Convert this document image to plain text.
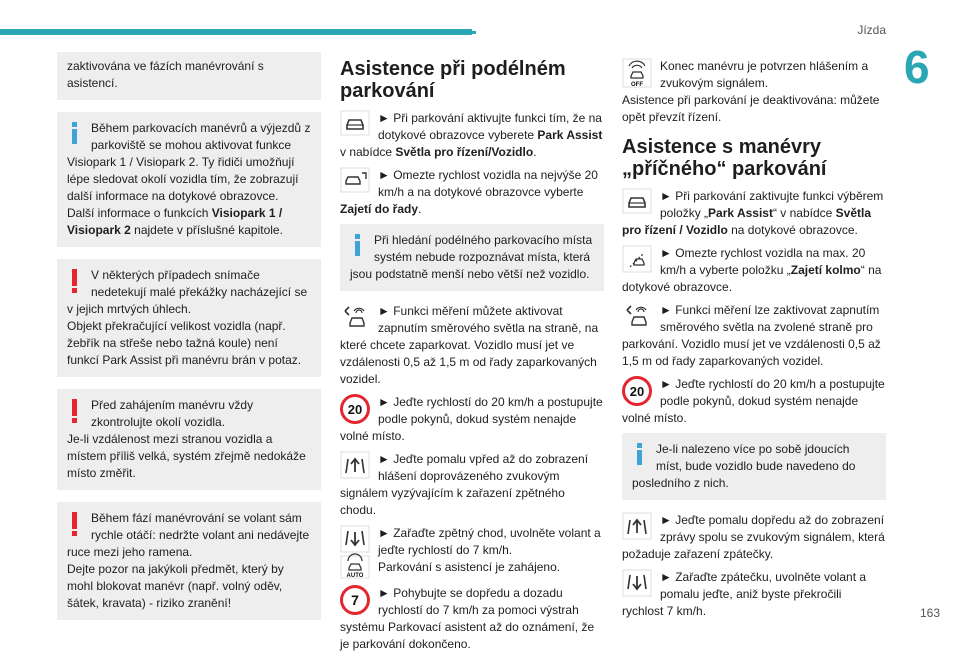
Jízda
6

zaktivována ve fázích manévrování s asistencí.

Během parkovacích manévrů a výjezdů z parkoviště se mohou aktivovat funkce Visiopark 1 / Visiopark 2. Ty řidiči umožňují lépe sledovat okolí vozidla tím, že zobrazují další informace na dotykové obrazovce.

Další informace o funkcích Visiopark 1 / Visiopark 2 najdete v příslušné kapitole.

V některých případech snímače nedetekují malé překážky nacházející se v jejich mrtvých úhlech.

Objekt překračující velikost vozidla (např. žebřík na střeše nebo tažná koule) není funkcí Park Assist při manévru brán v potaz.

Před zahájením manévru vždy zkontrolujte okolí vozidla.

Je-li vzdálenost mezi stranou vozidla a místem příliš velká, systém zřejmě nedokáže místo změřit.

Během fází manévrování se volant sám rychle otáčí: nedržte volant ani nedávejte ruce mezi jeho ramena.

Dejte pozor na jakýkoli předmět, který by mohl blokovat manévr (např. volný oděv, šátek, kravata) - riziko zranění!

Asistence při podélném parkování
► Při parkování aktivujte funkci tím, že na dotykové obrazovce vyberete Park Assist v nabídce Světla pro řízení/Vozidlo.
► Omezte rychlost vozidla na nejvýše 20 km/h a na dotykové obrazovce vyberte Zajetí do řady.

Při hledání podélného parkovacího místa systém nebude rozpoznávat místa, která jsou podstatně menší nebo větší než vozidlo.

► Funkci měření můžete aktivovat zapnutím směrového světla na straně, na které chcete zaparkovat. Vozidlo musí jet ve vzdálenosti 0,5 až 1,5 m od řady zaparkovaných vozidel.
20 ► Jeďte rychlostí do 20 km/h a postupujte podle pokynů, dokud systém nenajde volné místo.
► Jeďte pomalu vpřed až do zobrazení hlášení doprovázeného zvukovým signálem vyzývajícím k zařazení zpětného chodu.
AUTO
► Zařaďte zpětný chod, uvolněte volant a jeďte rychlostí do 7 km/h.
Parkování s asistencí je zahájeno.
7 ► Pohybujte se dopředu a dozadu rychlostí do 7 km/h za pomoci výstrah systému Parkovací asistent až do oznámení, že je parkování dokončeno.
OFF
Konec manévru je potvrzen hlášením a zvukovým signálem.
Asistence při parkování je deaktivována: můžete opět převzít řízení.
Asistence s manévry „příčného“ parkování
► Při parkování zaktivujte funkci výběrem položky „Park Assist“ v nabídce Světla pro řízení / Vozidlo na dotykové obrazovce.
► Omezte rychlost vozidla na max. 20 km/h a vyberte položku „Zajetí kolmo“ na dotykové obrazovce.
► Funkci měření lze zaktivovat zapnutím směrového světla na zvolené straně pro parkování. Vozidlo musí jet ve vzdálenosti 0,5 až 1,5 m od řady zaparkovaných vozidel.
20 ► Jeďte rychlostí do 20 km/h a postupujte podle pokynů, dokud systém nenajde volné místo.

Je-li nalezeno více po sobě jdoucích míst, bude vozidlo bude navedeno do posledního z nich.

► Jeďte pomalu dopředu až do zobrazení zprávy spolu se zvukovým signálem, která požaduje zařazení zpátečky.
► Zařaďte zpátečku, uvolněte volant a pomalu jeďte, aniž byste překročili rychlost 7 km/h.	163
